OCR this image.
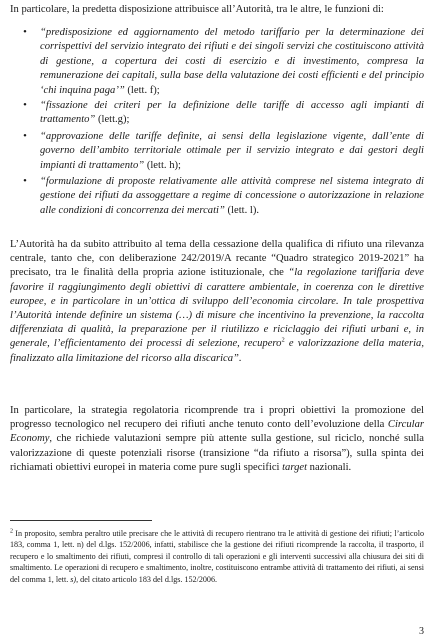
In particolare, la predetta disposizione attribuisce all’Autorità, tra le altre, le funzioni di:

• “predisposizione ed aggiornamento del metodo tariffario per la determinazione dei corrispettivi del servizio integrato dei rifiuti e dei singoli servizi che costituiscono attività di gestione, a copertura dei costi di esercizio e di investimento, compresa la remunerazione dei capitali, sulla base della valutazione dei costi efficienti e del principio ‘chi inquina paga’” (lett. f);
• “fissazione dei criteri per la definizione delle tariffe di accesso agli impianti di trattamento” (lett.g);
• “approvazione delle tariffe definite, ai sensi della legislazione vigente, dall’ente di governo dell’ambito territoriale ottimale per il servizio integrato e dai gestori degli impianti di trattamento” (lett. h);
• “formulazione di proposte relativamente alle attività comprese nel sistema integrato di gestione dei rifiuti da assoggettare a regime di concessione o autorizzazione in relazione alle condizioni di concorrenza dei mercati” (lett. l).

L’Autorità ha da subito attribuito al tema della cessazione della qualifica di rifiuto una rilevanza centrale, tanto che, con deliberazione 242/2019/A recante “Quadro strategico 2019-2021” ha precisato, tra le finalità della propria azione istituzionale, che “la regolazione tariffaria deve favorire il raggiungimento degli obiettivi di carattere ambientale, in coerenza con le direttive europee, e in particolare in un’ottica di sviluppo dell’economia circolare. In tale prospettiva l’Autorità intende definire un sistema (…) di misure che incentivino la prevenzione, la raccolta differenziata di qualità, la preparazione per il riutilizzo e riciclaggio dei rifiuti urbani e, in generale, l’efficientamento dei processi di selezione, recupero$^2$ e valorizzazione della materia, finalizzato alla limitazione del ricorso alla discarica”.

In particolare, la strategia regolatoria ricomprende tra i propri obiettivi la promozione del progresso tecnologico nel recupero dei rifiuti anche tenuto conto dell’evoluzione della Circular Economy, che richiede valutazioni sempre più attente sulla gestione, sul riciclo, nonché sulla valorizzazione di queste potenziali risorse (transizione “da rifiuto a risorsa”), sulla spinta dei richiamati obiettivi europei in materia come pure sugli specifici target nazionali.

$^2$ In proposito, sembra peraltro utile precisare che le attività di recupero rientrano tra le attività di gestione dei rifiuti; l’articolo 183, comma 1, lett. n) del d.lgs. 152/2006, infatti, stabilisce che la gestione dei rifiuti ricomprende la raccolta, il trasporto, il recupero e lo smaltimento dei rifiuti, compresi il controllo di tali operazioni e gli interventi successivi alla chiusura dei siti di smaltimento. Le operazioni di recupero e smaltimento, inoltre, costituiscono entrambe attività di trattamento dei rifiuti, ai sensi del comma 1, lett. s), del citato articolo 183 del d.lgs. 152/2006.

3
